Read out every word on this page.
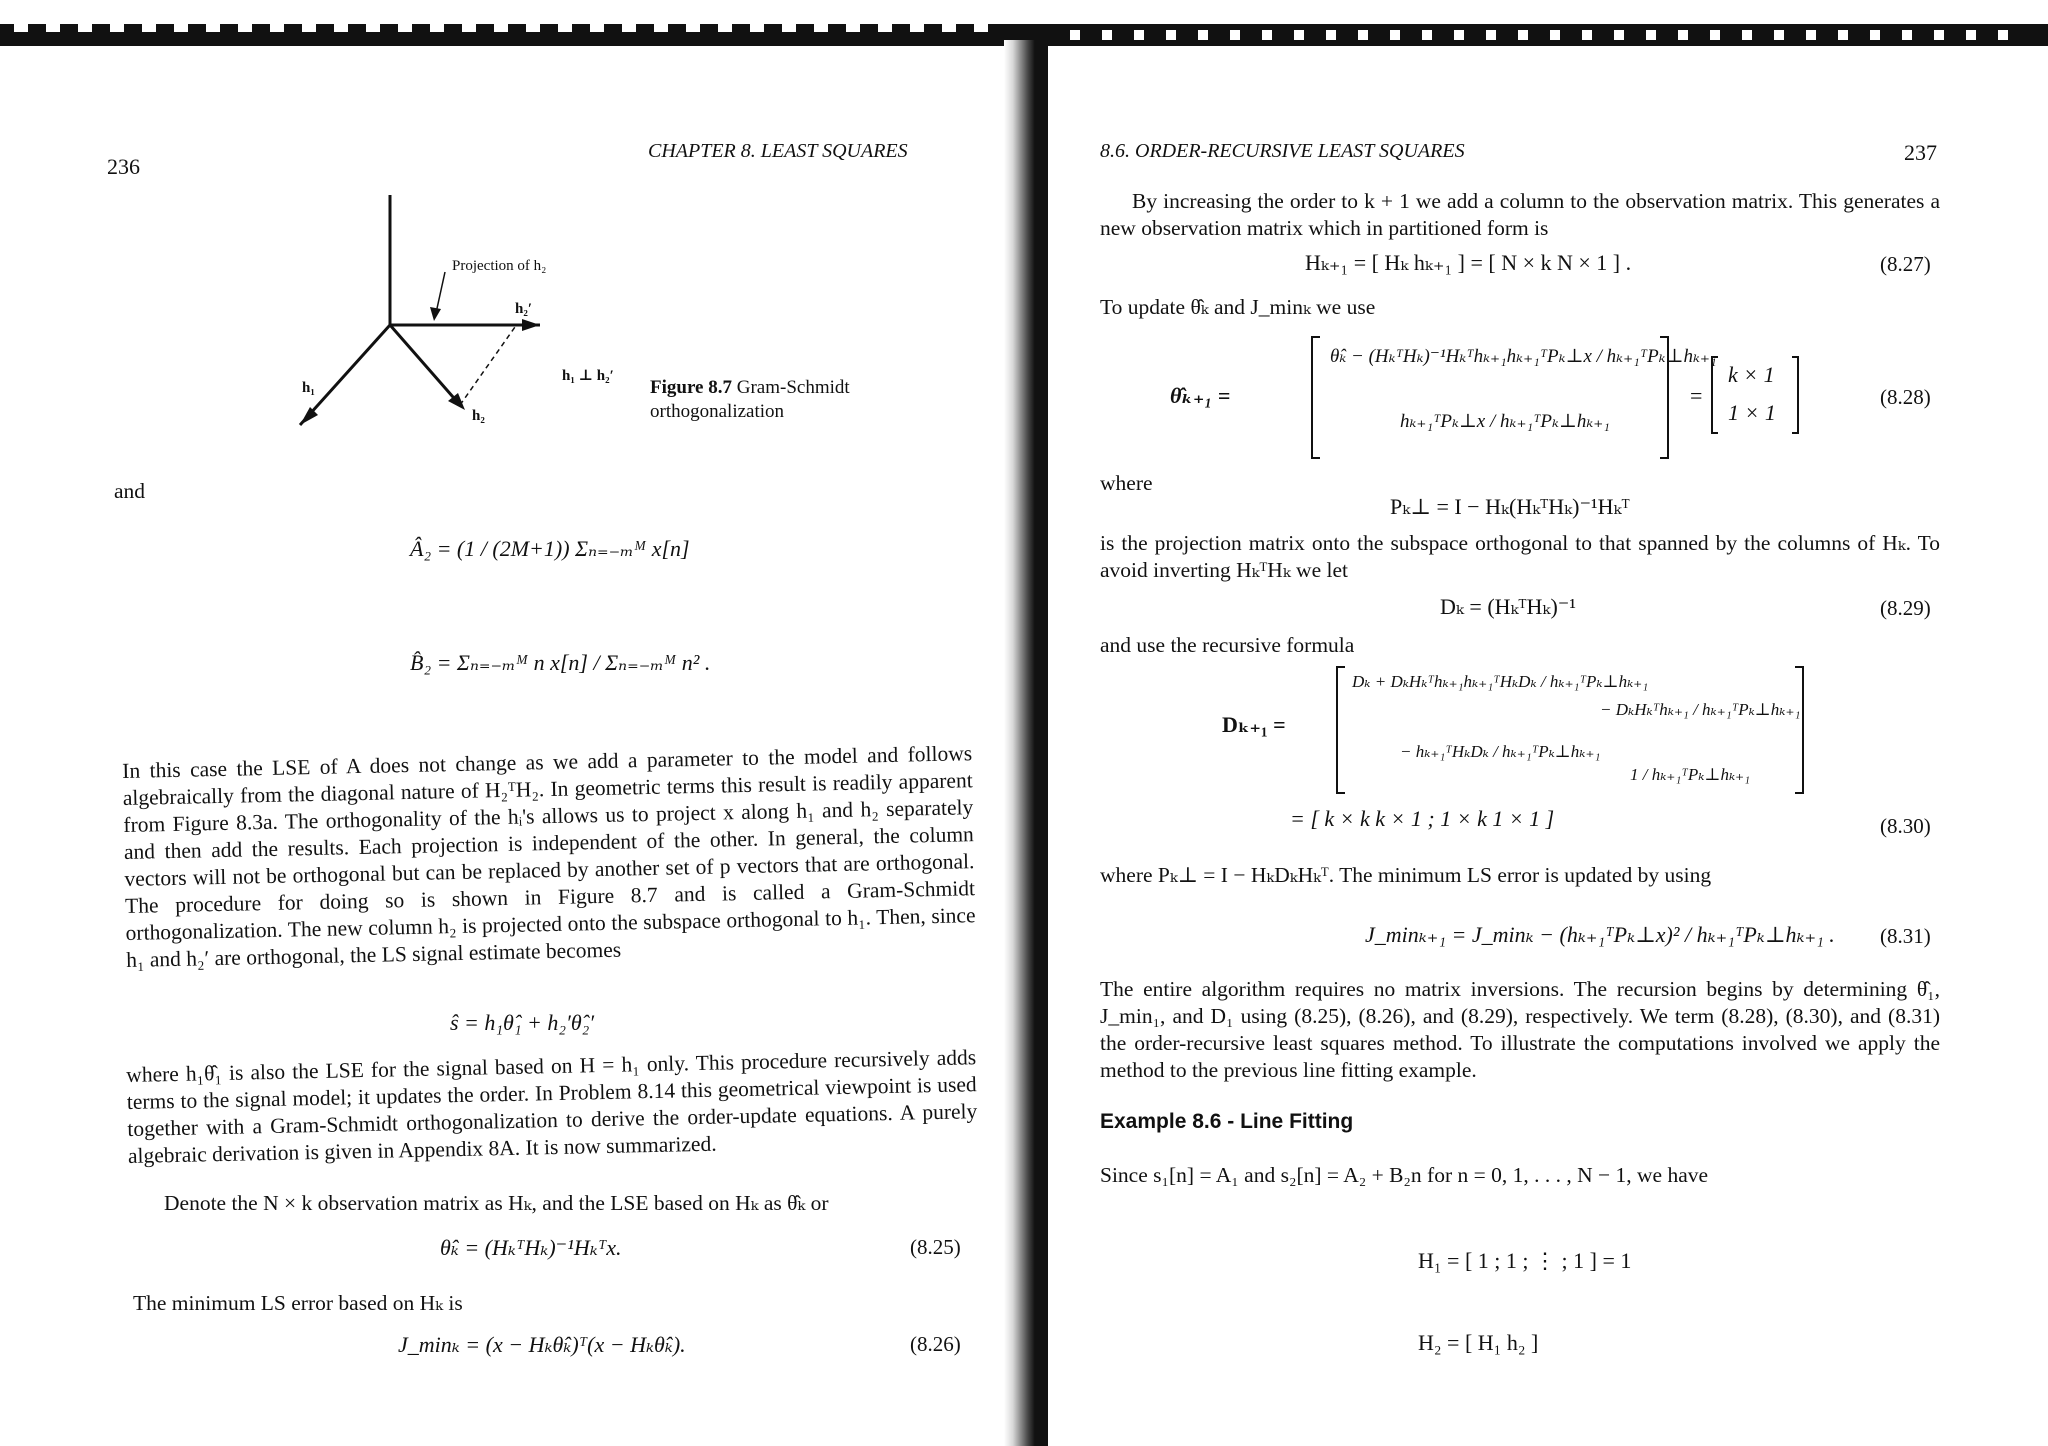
236
CHAPTER 8. LEAST SQUARES
Projection of h₂
h₂′
h₁
h₂
h₁ ⊥ h₂′
Figure 8.7 Gram-Schmidt
orthogonalization
and
Â₂ = (1 / (2M+1)) Σₙ₌₋ₘᴹ x[n]
B̂₂ = Σₙ₌₋ₘᴹ n x[n] / Σₙ₌₋ₘᴹ n² .
In this case the LSE of A does not change as we add a parameter to the model and follows algebraically from the diagonal nature of H₂ᵀH₂. In geometric terms this result is readily apparent from Figure 8.3a. The orthogonality of the hᵢ's allows us to project x along h₁ and h₂ separately and then add the results. Each projection is independent of the other. In general, the column vectors will not be orthogonal but can be replaced by another set of p vectors that are orthogonal. The procedure for doing so is shown in Figure 8.7 and is called a Gram-Schmidt orthogonalization. The new column h₂ is projected onto the subspace orthogonal to h₁. Then, since h₁ and h₂′ are orthogonal, the LS signal estimate becomes
ŝ = h₁θ̂₁ + h₂′θ̂₂′
where h₁θ̂₁ is also the LSE for the signal based on H = h₁ only. This procedure recursively adds terms to the signal model; it updates the order. In Problem 8.14 this geometrical viewpoint is used together with a Gram-Schmidt orthogonalization to derive the order-update equations. A purely algebraic derivation is given in Appendix 8A. It is now summarized.
Denote the N × k observation matrix as Hₖ, and the LSE based on Hₖ as θ̂ₖ or
θ̂ₖ = (HₖᵀHₖ)⁻¹Hₖᵀx.	(8.25)
The minimum LS error based on Hₖ is
J_minₖ = (x − Hₖθ̂ₖ)ᵀ(x − Hₖθ̂ₖ).	(8.26)
8.6. ORDER-RECURSIVE LEAST SQUARES	237
By increasing the order to k + 1 we add a column to the observation matrix. This generates a new observation matrix which in partitioned form is
Hₖ₊₁ = [ Hₖ hₖ₊₁ ] = [ N × k N × 1 ] .	(8.27)
To update θ̂ₖ and J_minₖ we use
θ̂ₖ₊₁ =
θ̂ₖ − (HₖᵀHₖ)⁻¹Hₖᵀhₖ₊₁hₖ₊₁ᵀPₖ⊥x / hₖ₊₁ᵀPₖ⊥hₖ₊₁
hₖ₊₁ᵀPₖ⊥x / hₖ₊₁ᵀPₖ⊥hₖ₊₁
=
k × 1
1 × 1
(8.28)
where
Pₖ⊥ = I − Hₖ(HₖᵀHₖ)⁻¹Hₖᵀ
is the projection matrix onto the subspace orthogonal to that spanned by the columns of Hₖ. To avoid inverting HₖᵀHₖ we let
Dₖ = (HₖᵀHₖ)⁻¹	(8.29)
and use the recursive formula
Dₖ₊₁ =
Dₖ + DₖHₖᵀhₖ₊₁hₖ₊₁ᵀHₖDₖ / hₖ₊₁ᵀPₖ⊥hₖ₊₁
− DₖHₖᵀhₖ₊₁ / hₖ₊₁ᵀPₖ⊥hₖ₊₁
− hₖ₊₁ᵀHₖDₖ / hₖ₊₁ᵀPₖ⊥hₖ₊₁
1 / hₖ₊₁ᵀPₖ⊥hₖ₊₁
= [ k × k k × 1 ; 1 × k 1 × 1 ]	(8.30)
where Pₖ⊥ = I − HₖDₖHₖᵀ. The minimum LS error is updated by using
J_minₖ₊₁ = J_minₖ − (hₖ₊₁ᵀPₖ⊥x)² / hₖ₊₁ᵀPₖ⊥hₖ₊₁ . (8.31)
The entire algorithm requires no matrix inversions. The recursion begins by determining θ̂₁, J_min₁, and D₁ using (8.25), (8.26), and (8.29), respectively. We term (8.28), (8.30), and (8.31) the order-recursive least squares method. To illustrate the computations involved we apply the method to the previous line fitting example.
Example 8.6 - Line Fitting
Since s₁[n] = A₁ and s₂[n] = A₂ + B₂n for n = 0, 1, . . . , N − 1, we have
H₁ = [ 1 ; 1 ; ⋮ ; 1 ] = 1
H₂ = [ H₁ h₂ ]
